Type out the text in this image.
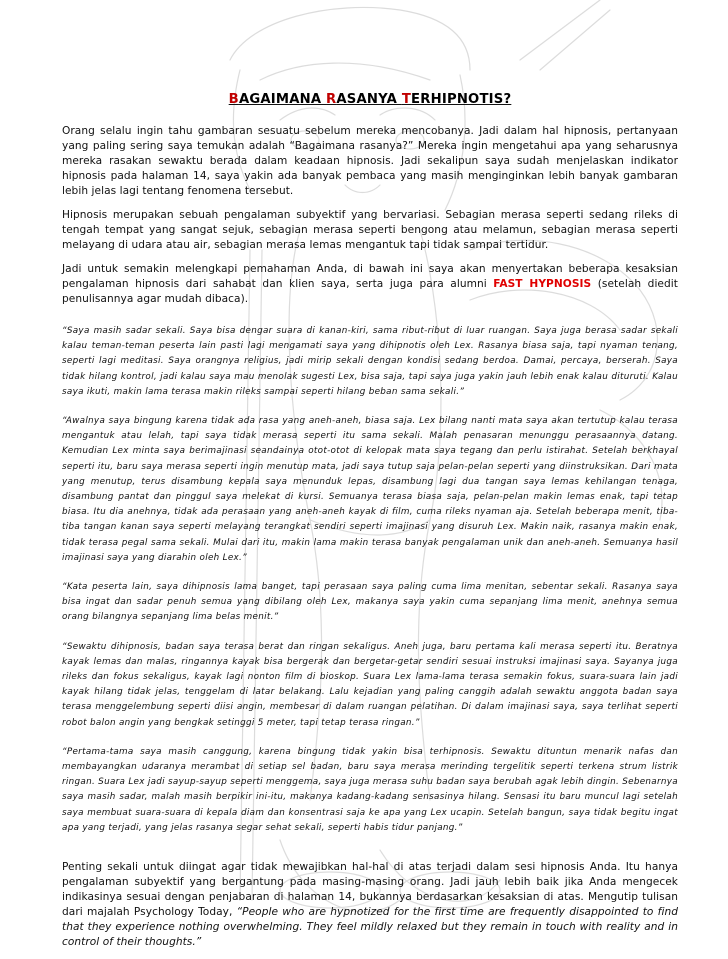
BAGAIMANA RASANYA TERHIPNOTIS?

Orang selalu ingin tahu gambaran sesuatu sebelum mereka mencobanya. Jadi dalam hal hipnosis, pertanyaan yang paling sering saya temukan adalah “Bagaimana rasanya?” Mereka ingin mengetahui apa yang seharusnya mereka rasakan sewaktu berada dalam keadaan hipnosis. Jadi sekalipun saya sudah menjelaskan indikator hipnosis pada halaman 14, saya yakin ada banyak pembaca yang masih menginginkan lebih banyak gambaran lebih jelas lagi tentang fenomena tersebut.

Hipnosis merupakan sebuah pengalaman subyektif yang bervariasi. Sebagian merasa seperti sedang rileks di tengah tempat yang sangat sejuk, sebagian merasa seperti bengong atau melamun, sebagian merasa seperti melayang di udara atau air, sebagian merasa lemas mengantuk tapi tidak sampai tertidur.

Jadi untuk semakin melengkapi pemahaman Anda, di bawah ini saya akan menyertakan beberapa kesaksian pengalaman hipnosis dari sahabat dan klien saya, serta juga para alumni FAST HYPNOSIS (setelah diedit penulisannya agar mudah dibaca).

“Saya masih sadar sekali. Saya bisa dengar suara di kanan-kiri, sama ribut-ribut di luar ruangan. Saya juga berasa sadar sekali kalau teman-teman peserta lain pasti lagi mengamati saya yang dihipnotis oleh Lex. Rasanya biasa saja, tapi nyaman tenang, seperti lagi meditasi. Saya orangnya religius, jadi mirip sekali dengan kondisi sedang berdoa. Damai, percaya, berserah. Saya tidak hilang kontrol, jadi kalau saya mau menolak sugesti Lex, bisa saja, tapi saya juga yakin jauh lebih enak kalau dituruti. Kalau saya ikuti, makin lama terasa makin rileks sampai seperti hilang beban sama sekali.”

“Awalnya saya bingung karena tidak ada rasa yang aneh-aneh, biasa saja. Lex bilang nanti mata saya akan tertutup kalau terasa mengantuk atau lelah, tapi saya tidak merasa seperti itu sama sekali. Malah penasaran menunggu perasaannya datang. Kemudian Lex minta saya berimajinasi seandainya otot-otot di kelopak mata saya tegang dan perlu istirahat. Setelah berkhayal seperti itu, baru saya merasa seperti ingin menutup mata, jadi saya tutup saja pelan-pelan seperti yang diinstruksikan. Dari mata yang menutup, terus disambung kepala saya menunduk lepas, disambung lagi dua tangan saya lemas kehilangan tenaga, disambung pantat dan pinggul saya melekat di kursi. Semuanya terasa biasa saja, pelan-pelan makin lemas enak, tapi tetap biasa. Itu dia anehnya, tidak ada perasaan yang aneh-aneh kayak di film, cuma rileks nyaman aja. Setelah beberapa menit, tiba-tiba tangan kanan saya seperti melayang terangkat sendiri seperti imajinasi yang disuruh Lex. Makin naik, rasanya makin enak, tidak terasa pegal sama sekali. Mulai dari itu, makin lama makin terasa banyak pengalaman unik dan aneh-aneh. Semuanya hasil imajinasi saya yang diarahin oleh Lex.”

“Kata peserta lain, saya dihipnosis lama banget, tapi perasaan saya paling cuma lima menitan, sebentar sekali. Rasanya saya bisa ingat dan sadar penuh semua yang dibilang oleh Lex, makanya saya yakin cuma sepanjang lima menit, anehnya semua orang bilangnya sepanjang lima belas menit.”

“Sewaktu dihipnosis, badan saya terasa berat dan ringan sekaligus. Aneh juga, baru pertama kali merasa seperti itu. Beratnya kayak lemas dan malas, ringannya kayak bisa bergerak dan bergetar-getar sendiri sesuai instruksi imajinasi saya. Sayanya juga rileks dan fokus sekaligus, kayak lagi nonton film di bioskop. Suara Lex lama-lama terasa semakin fokus, suara-suara lain jadi kayak hilang tidak jelas, tenggelam di latar belakang. Lalu kejadian yang paling canggih adalah sewaktu anggota badan saya terasa menggelembung seperti diisi angin, membesar di dalam ruangan pelatihan. Di dalam imajinasi saya, saya terlihat seperti robot balon angin yang bengkak setinggi 5 meter, tapi tetap terasa ringan.”

“Pertama-tama saya masih canggung, karena bingung tidak yakin bisa terhipnosis. Sewaktu dituntun menarik nafas dan membayangkan udaranya merambat di setiap sel badan, baru saya merasa merinding tergelitik seperti terkena strum listrik ringan. Suara Lex jadi sayup-sayup seperti menggema, saya juga merasa suhu badan saya berubah agak lebih dingin. Sebenarnya saya masih sadar, malah masih berpikir ini-itu, makanya kadang-kadang sensasinya hilang. Sensasi itu baru muncul lagi setelah saya membuat suara-suara di kepala diam dan konsentrasi saja ke apa yang Lex ucapin. Setelah bangun, saya tidak begitu ingat apa yang terjadi, yang jelas rasanya segar sehat sekali, seperti habis tidur panjang.”

Penting sekali untuk diingat agar tidak mewajibkan hal-hal di atas terjadi dalam sesi hipnosis Anda. Itu hanya pengalaman subyektif yang bergantung pada masing-masing orang. Jadi jauh lebih baik jika Anda mengecek indikasinya sesuai dengan penjabaran di halaman 14, bukannya berdasarkan kesaksian di atas. Mengutip tulisan dari majalah Psychology Today, “People who are hypnotized for the first time are frequently disappointed to find that they experience nothing overwhelming. They feel mildly relaxed but they remain in touch with reality and in control of their thoughts.”
